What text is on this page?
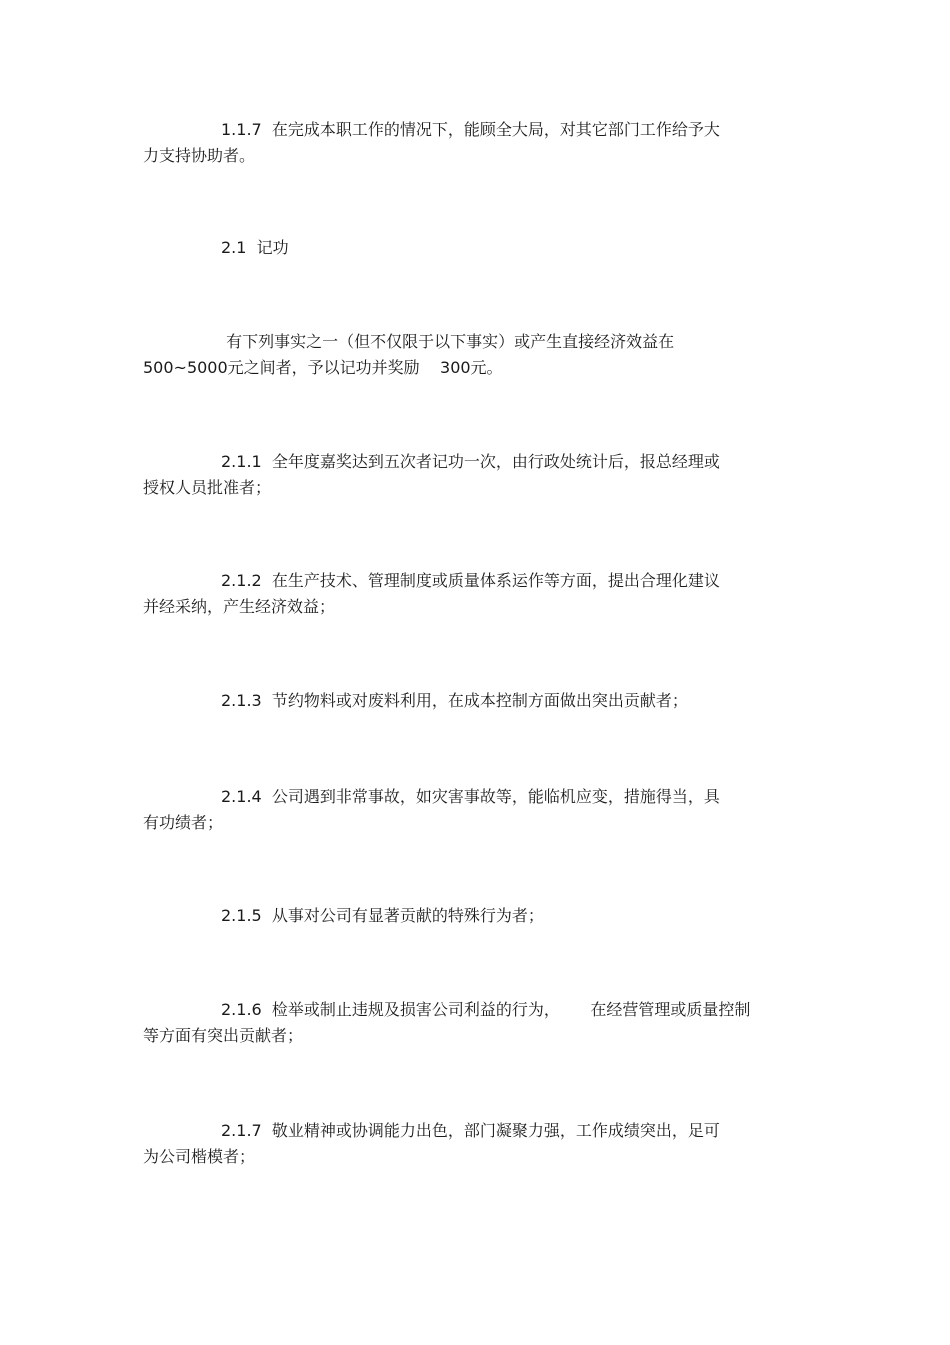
1.1.7  在完成本职工作的情况下，能顾全大局，对其它部门工作给予大
力支持协助者。
2.1  记功
有下列事实之一（但不仅限于以下事实）或产生直接经济效益在
500~5000元之间者，予以记功并奖励    300元。
2.1.1  全年度嘉奖达到五次者记功一次，由行政处统计后，报总经理或
授权人员批准者；
2.1.2  在生产技术、管理制度或质量体系运作等方面，提出合理化建议
并经采纳，产生经济效益；
2.1.3  节约物料或对废料利用，在成本控制方面做出突出贡献者；
2.1.4  公司遇到非常事故，如灾害事故等，能临机应变，措施得当，具
有功绩者；
2.1.5  从事对公司有显著贡献的特殊行为者；
2.1.6  检举或制止违规及损害公司利益的行为，      在经营管理或质量控制
等方面有突出贡献者；
2.1.7  敬业精神或协调能力出色，部门凝聚力强，工作成绩突出，足可
为公司楷模者；
